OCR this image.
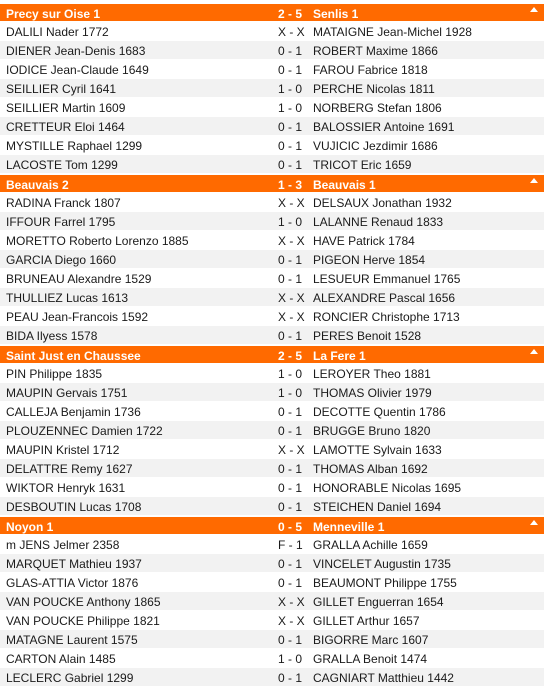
Precy sur Oise 1	2 - 5 Senlis 1
DALILI Nader 1772	X - X MATAIGNE Jean-Michel 1928
DIENER Jean-Denis 1683	0 - 1 ROBERT Maxime 1866
IODICE Jean-Claude 1649	0 - 1 FAROU Fabrice 1818
SEILLIER Cyril 1641	1 - 0 PERCHE Nicolas 1811
SEILLIER Martin 1609	1 - 0 NORBERG Stefan 1806
CRETTEUR Eloi 1464	0 - 1 BALOSSIER Antoine 1691
MYSTILLE Raphael 1299	0 - 1 VUJICIC Jezdimir 1686
LACOSTE Tom 1299	0 - 1 TRICOT Eric 1659
Beauvais 2	1 - 3 Beauvais 1
RADINA Franck 1807	X - X DELSAUX Jonathan 1932
IFFOUR Farrel 1795	1 - 0 LALANNE Renaud 1833
MORETTO Roberto Lorenzo 1885	X - X HAVE Patrick 1784
GARCIA Diego 1660	0 - 1 PIGEON Herve 1854
BRUNEAU Alexandre 1529	0 - 1 LESUEUR Emmanuel 1765
THULLIEZ Lucas 1613	X - X ALEXANDRE Pascal 1656
PEAU Jean-Francois 1592	X - X RONCIER Christophe 1713
BIDA Ilyess 1578	0 - 1 PERES Benoit 1528
Saint Just en Chaussee	2 - 5 La Fere 1
PIN Philippe 1835	1 - 0 LEROYER Theo 1881
MAUPIN Gervais 1751	1 - 0 THOMAS Olivier 1979
CALLEJA Benjamin 1736	0 - 1 DECOTTE Quentin 1786
PLOUZENNEC Damien 1722	0 - 1 BRUGGE Bruno 1820
MAUPIN Kristel 1712	X - X LAMOTTE Sylvain 1633
DELATTRE Remy 1627	0 - 1 THOMAS Alban 1692
WIKTOR Henryk 1631	0 - 1 HONORABLE Nicolas 1695
DESBOUTIN Lucas 1708	0 - 1 STEICHEN Daniel 1694
Noyon 1	0 - 5 Menneville 1
m JENS Jelmer 2358	F - 1 GRALLA Achille 1659
MARQUET Mathieu 1937	0 - 1 VINCELET Augustin 1735
GLAS-ATTIA Victor 1876	0 - 1 BEAUMONT Philippe 1755
VAN POUCKE Anthony 1865	X - X GILLET Enguerran 1654
VAN POUCKE Philippe 1821	X - X GILLET Arthur 1657
MATAGNE Laurent 1575	0 - 1 BIGORRE Marc 1607
CARTON Alain 1485	1 - 0 GRALLA Benoit 1474
LECLERC Gabriel 1299	0 - 1 CAGNIART Matthieu 1442
